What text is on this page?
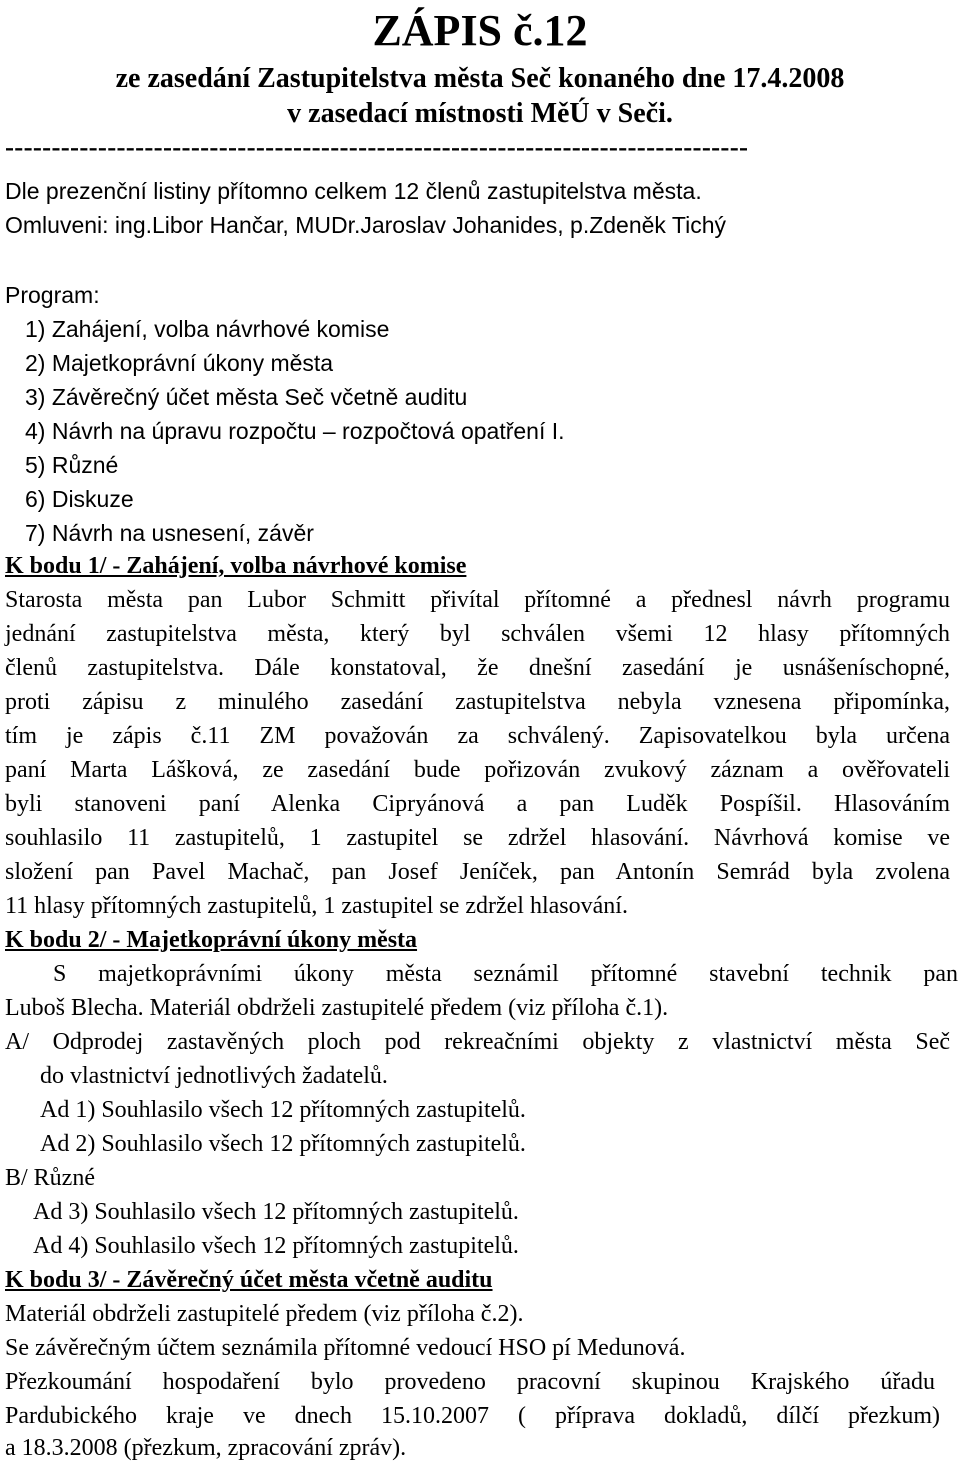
ZÁPIS č.12
ze zasedání Zastupitelstva města Seč konaného dne 17.4.2008
v zasedací místnosti MěÚ v Seči.
--------------------------------------------------------------------------------
Dle prezenční listiny přítomno celkem 12 členů zastupitelstva města.
Omluveni: ing.Libor Hančar, MUDr.Jaroslav Johanides, p.Zdeněk Tichý
Program:
1) Zahájení, volba návrhové komise
2) Majetkoprávní úkony města
3) Závěrečný účet města Seč včetně auditu
4) Návrh na úpravu rozpočtu – rozpočtová opatření I.
5) Různé
6) Diskuze
7) Návrh na usnesení, závěr
K bodu 1/ - Zahájení, volba návrhové komise
Starosta města pan Lubor Schmitt přivítal přítomné a přednesl návrh programu
jednání zastupitelstva města, který byl schválen všemi 12 hlasy přítomných
členů zastupitelstva. Dále konstatoval, že dnešní zasedání je usnášeníschopné,
proti zápisu z minulého zasedání zastupitelstva nebyla vznesena připomínka,
tím je zápis č.11 ZM považován za schválený. Zapisovatelkou byla určena
paní Marta Lášková, ze zasedání bude pořizován zvukový záznam a ověřovateli
byli stanoveni paní Alenka Cipryánová a pan Luděk Pospíšil. Hlasováním
souhlasilo 11 zastupitelů, 1 zastupitel se zdržel hlasování. Návrhová komise ve
složení pan Pavel Machač, pan Josef Jeníček, pan Antonín Semrád byla zvolena
11 hlasy přítomných zastupitelů, 1 zastupitel se zdržel hlasování.
K bodu 2/ - Majetkoprávní úkony města
S majetkoprávními úkony města seznámil přítomné stavební technik pan
Luboš Blecha. Materiál obdrželi zastupitelé předem (viz příloha č.1).
A/ Odprodej zastavěných ploch pod rekreačními objekty z vlastnictví města Seč
do vlastnictví jednotlivých žadatelů.
Ad 1) Souhlasilo všech 12 přítomných zastupitelů.
Ad 2) Souhlasilo všech 12 přítomných zastupitelů.
B/ Různé
Ad 3) Souhlasilo všech 12 přítomných zastupitelů.
Ad 4) Souhlasilo všech 12 přítomných zastupitelů.
K bodu 3/ - Závěrečný účet města včetně auditu
Materiál obdrželi zastupitelé předem (viz příloha č.2).
Se závěrečným účtem seznámila přítomné vedoucí HSO pí Medunová.
Přezkoumání hospodaření bylo provedeno pracovní skupinou Krajského úřadu
Pardubického kraje ve dnech 15.10.2007 ( příprava dokladů, dílčí přezkum)
a 18.3.2008 (přezkum, zpracování zpráv).
